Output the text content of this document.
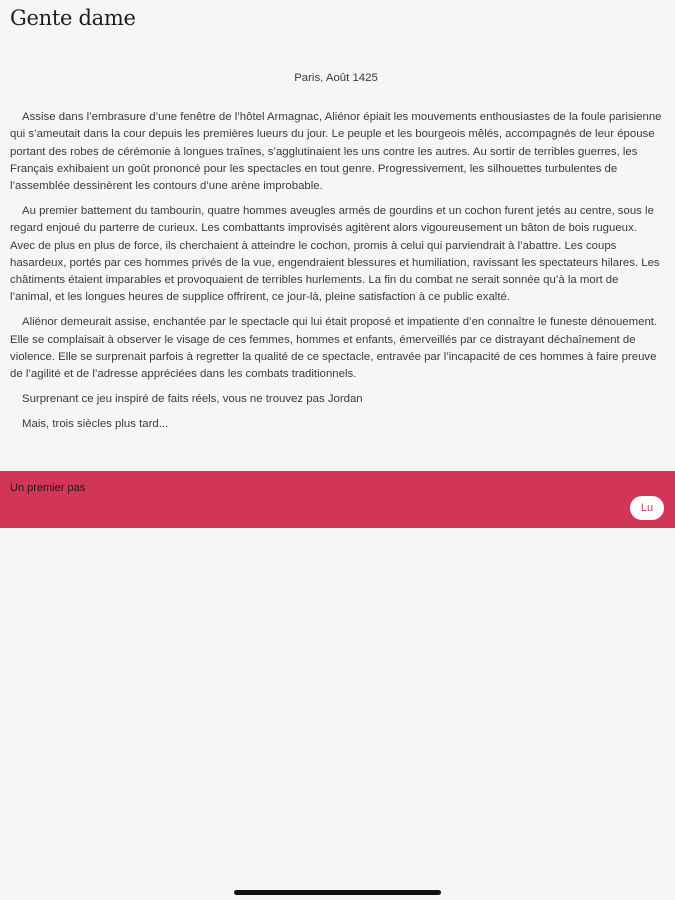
Gente dame

Paris, Août 1425

Assise dans l’embrasure d’une fenêtre de l’hôtel Armagnac, Aliénor épiait les mouvements enthousiastes de la foule parisienne qui s’ameutait dans la cour depuis les premières lueurs du jour. Le peuple et les bourgeois mêlés, accompagnés de leur épouse portant des robes de cérémonie à longues traînes, s’agglutinaient les uns contre les autres. Au sortir de terribles guerres, les Français exhibaient un goût prononcé pour les spectacles en tout genre. Progressivement, les silhouettes turbulentes de l’assemblée dessinèrent les contours d’une arène improbable.

Au premier battement du tambourin, quatre hommes aveugles armés de gourdins et un cochon furent jetés au centre, sous le regard enjoué du parterre de curieux. Les combattants improvisés agitèrent alors vigoureusement un bâton de bois rugueux. Avec de plus en plus de force, ils cherchaient à atteindre le cochon, promis à celui qui parviendrait à l’abattre. Les coups hasardeux, portés par ces hommes privés de la vue, engendraient blessures et humiliation, ravissant les spectateurs hilares. Les châtiments étaient imparables et provoquaient de terribles hurlements. La fin du combat ne serait sonnée qu’à la mort de l’animal, et les longues heures de supplice offrirent, ce jour-là, pleine satisfaction à ce public exalté.

Aliénor demeurait assise, enchantée par le spectacle qui lui était proposé et impatiente d’en connaître le funeste dénouement. Elle se complaisait à observer le visage de ces femmes, hommes et enfants, émerveillés par ce distrayant déchaînement de violence. Elle se surprenait parfois à regretter la qualité de ce spectacle, entravée par l’incapacité de ces hommes à faire preuve de l’agilité et de l’adresse appréciées dans les combats traditionnels.

Surprenant ce jeu inspiré de faits réels, vous ne trouvez pas Jordan

Mais, trois siècles plus tard...

Un premier pas
Lu
